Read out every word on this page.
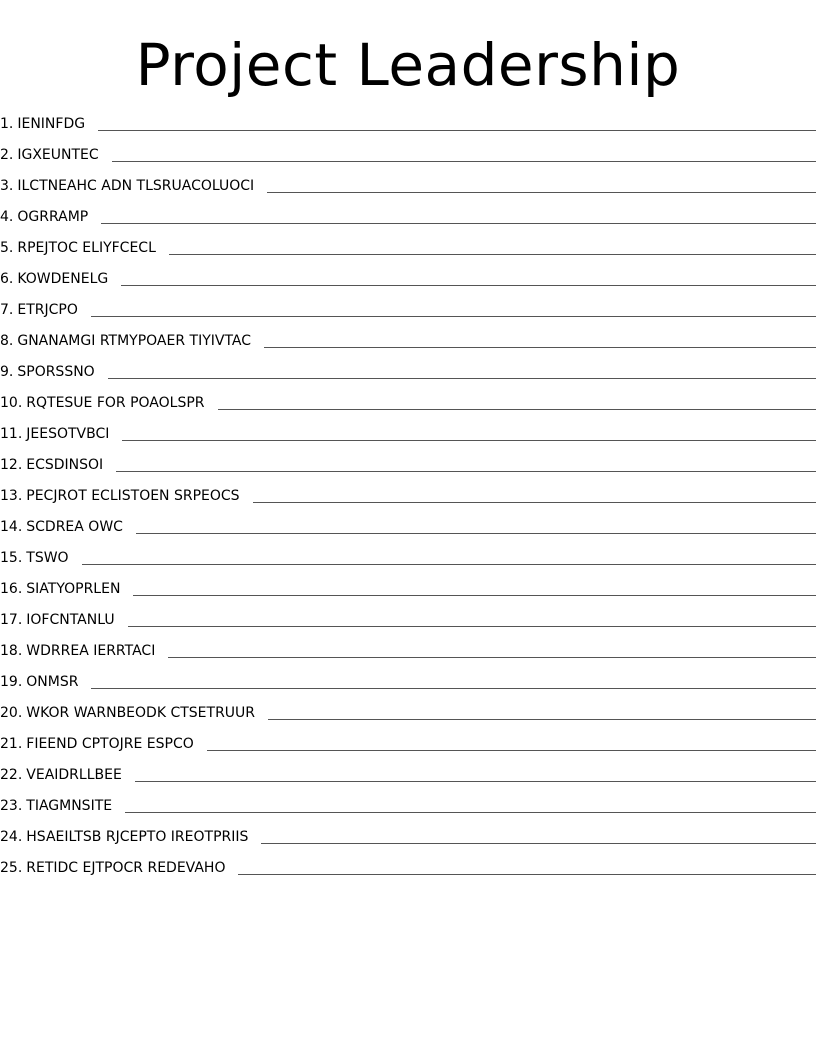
Project Leadership
1. IENINFDG
2. IGXEUNTEC
3. ILCTNEAHC ADN TLSRUACOLUOCI
4. OGRRAMP
5. RPEJTOC ELIYFCECL
6. KOWDENELG
7. ETRJCPO
8. GNANAMGI RTMYPOAER TIYIVTAC
9. SPORSSNO
10. RQTESUE FOR POAOLSPR
11. JEESOTVBCI
12. ECSDINSOI
13. PECJROT ECLISTOEN SRPEOCS
14. SCDREA OWC
15. TSWO
16. SIATYOPRLEN
17. IOFCNTANLU
18. WDRREA IERRTACI
19. ONMSR
20. WKOR WARNBEODK CTSETRUUR
21. FIEEND CPTOJRE ESPCO
22. VEAIDRLLBEE
23. TIAGMNSITE
24. HSAEILTSB RJCEPTO IREOTPRIIS
25. RETIDC EJTPOCR REDEVAHO
